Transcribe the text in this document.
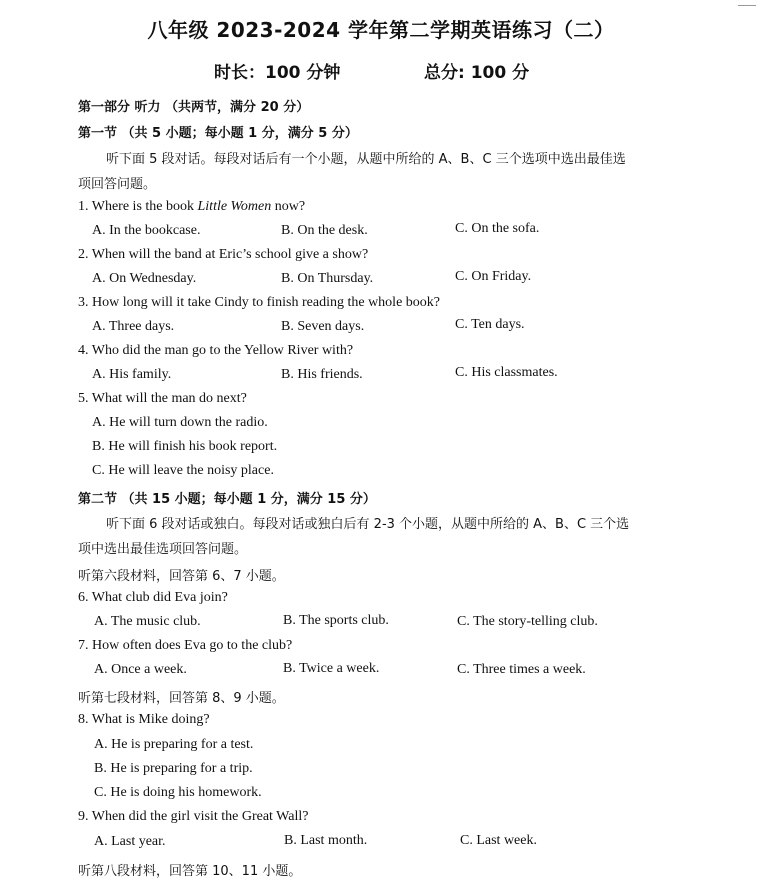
八年级 2023-2024 学年第二学期英语练习（二）
时长：100 分钟	总分: 100 分
第一部分 听力 （共两节，满分 20 分）
第一节 （共 5 小题；每小题 1 分，满分 5 分）
听下面 5 段对话。每段对话后有一个小题，从题中所给的 A、B、C 三个选项中选出最佳选
项回答问题。
1. Where is the book Little Women now?
A. In the bookcase.	B. On the desk.	C. On the sofa.
2. When will the band at Eric’s school give a show?
A. On Wednesday.	B. On Thursday.	C. On Friday.
3. How long will it take Cindy to finish reading the whole book?
A. Three days.	B. Seven days.	C. Ten days.
4. Who did the man go to the Yellow River with?
A. His family.	B. His friends.	C. His classmates.
5. What will the man do next?
A. He will turn down the radio.
B. He will finish his book report.
C. He will leave the noisy place.
第二节 （共 15 小题；每小题 1 分，满分 15 分）
听下面 6 段对话或独白。每段对话或独白后有 2-3 个小题，从题中所给的 A、B、C 三个选
项中选出最佳选项回答问题。
听第六段材料，回答第 6、7 小题。
6. What club did Eva join?
A. The music club.	B. The sports club.	C. The story-telling club.
7. How often does Eva go to the club?
A. Once a week.	B. Twice a week.	C. Three times a week.
听第七段材料，回答第 8、9 小题。
8. What is Mike doing?
A. He is preparing for a test.
B. He is preparing for a trip.
C. He is doing his homework.
9. When did the girl visit the Great Wall?
A. Last year.	B. Last month.	C. Last week.
听第八段材料，回答第 10、11 小题。
